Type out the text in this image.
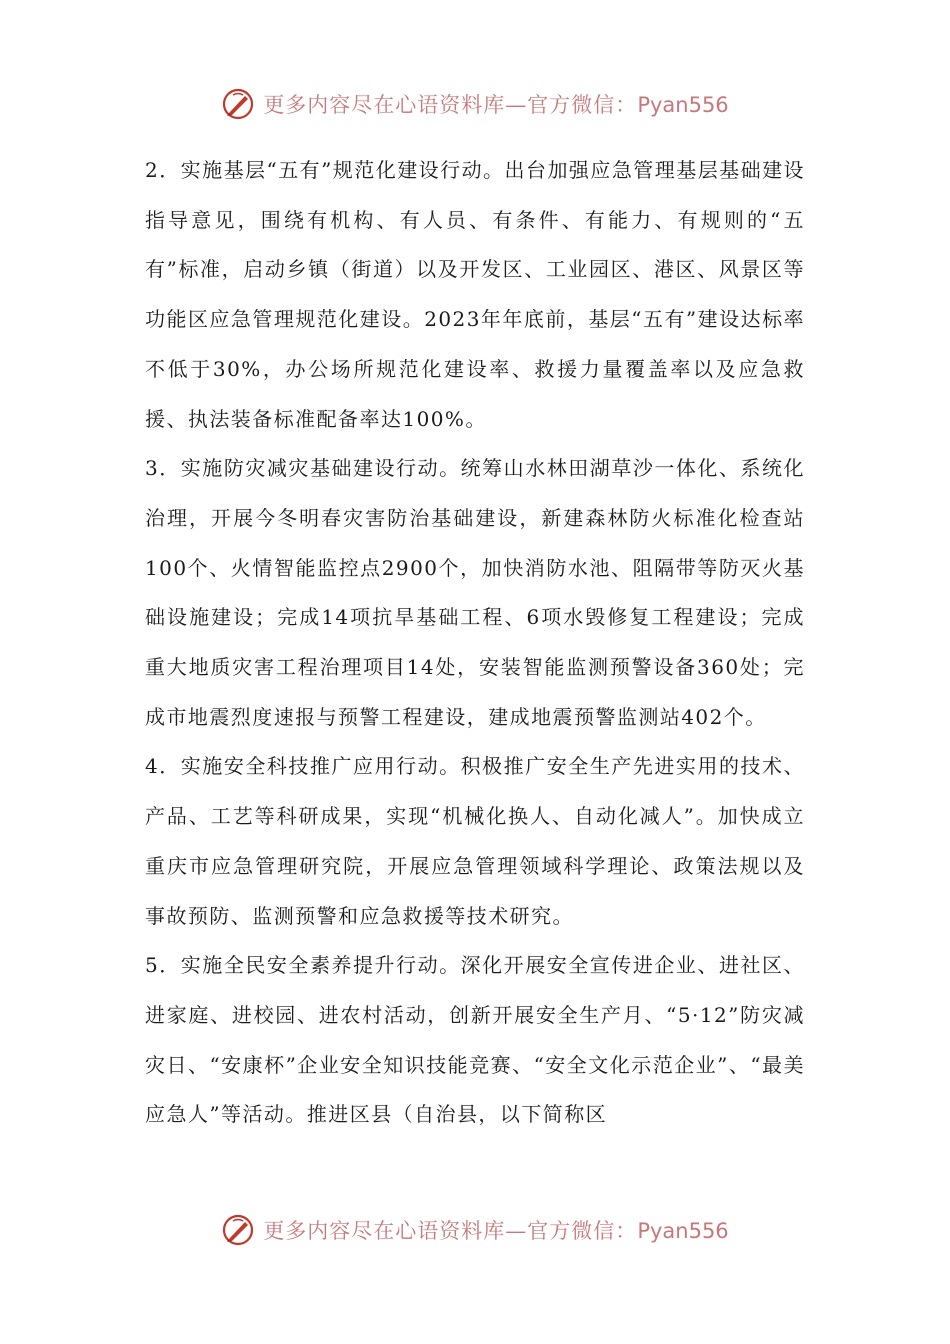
更多内容尽在心语资料库—官方微信：Pyan556

2．实施基层“五有”规范化建设行动。出台加强应急管理基层基础建设指导意见，围绕有机构、有人员、有条件、有能力、有规则的“五有”标准，启动乡镇（街道）以及开发区、工业园区、港区、风景区等功能区应急管理规范化建设。2023年年底前，基层“五有”建设达标率不低于30%，办公场所规范化建设率、救援力量覆盖率以及应急救援、执法装备标准配备率达100%。

3．实施防灾减灾基础建设行动。统筹山水林田湖草沙一体化、系统化治理，开展今冬明春灾害防治基础建设，新建森林防火标准化检查站100个、火情智能监控点2900个，加快消防水池、阻隔带等防灭火基础设施建设；完成14项抗旱基础工程、6项水毁修复工程建设；完成重大地质灾害工程治理项目14处，安装智能监测预警设备360处；完成市地震烈度速报与预警工程建设，建成地震预警监测站402个。

4．实施安全科技推广应用行动。积极推广安全生产先进实用的技术、产品、工艺等科研成果，实现“机械化换人、自动化减人”。加快成立重庆市应急管理研究院，开展应急管理领域科学理论、政策法规以及事故预防、监测预警和应急救援等技术研究。

5．实施全民安全素养提升行动。深化开展安全宣传进企业、进社区、进家庭、进校园、进农村活动，创新开展安全生产月、“5·12”防灾减灾日、“安康杯”企业安全知识技能竞赛、“安全文化示范企业”、“最美应急人”等活动。推进区县（自治县，以下简称区

更多内容尽在心语资料库—官方微信：Pyan556
